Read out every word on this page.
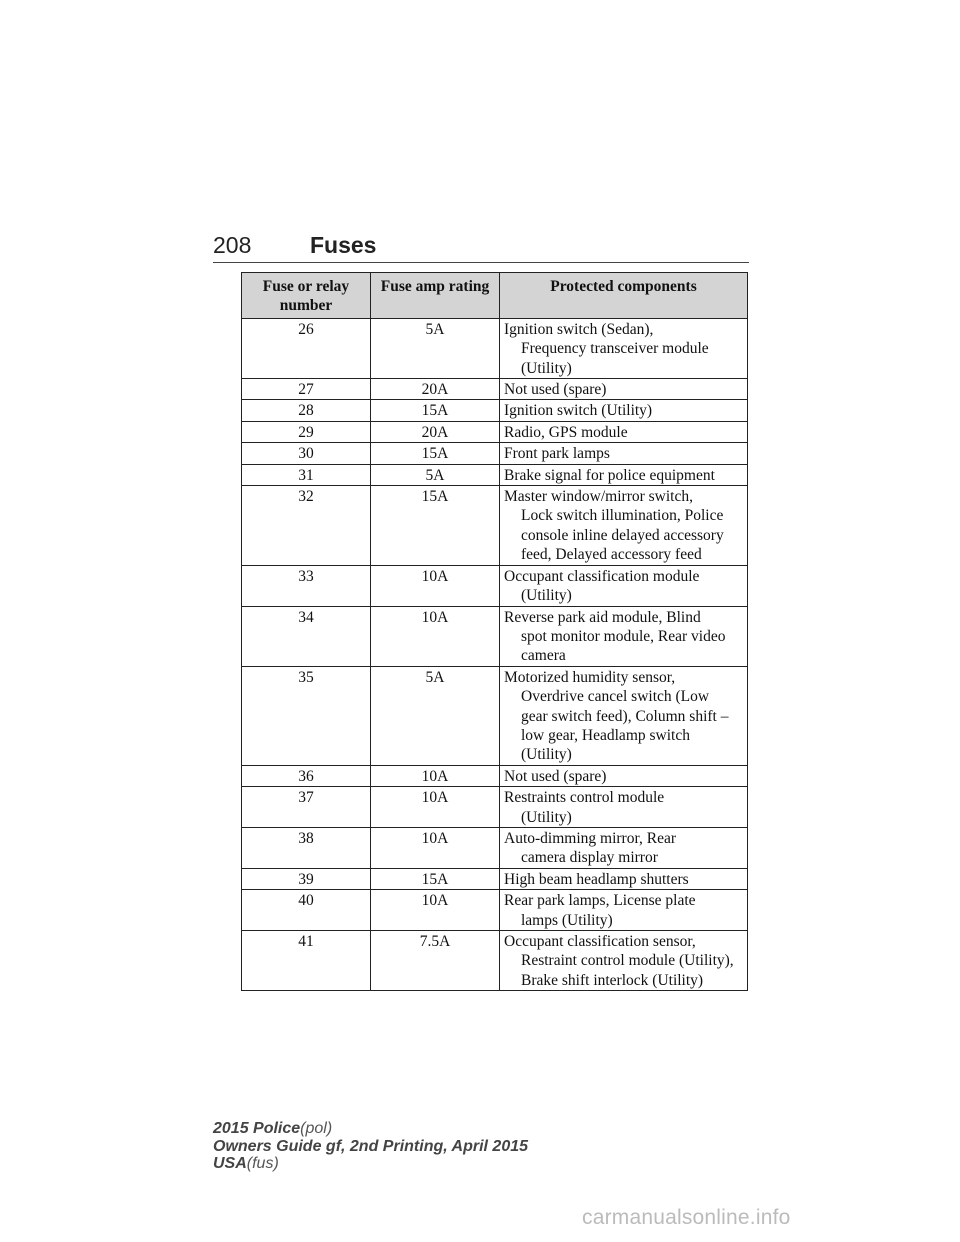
208	Fuses
Fuse or relay number	Fuse amp rating	Protected components
26	5A	Ignition switch (Sedan),
Frequency transceiver module
(Utility)

27	20A	Not used (spare)

28	15A	Ignition switch (Utility)

29	20A	Radio, GPS module

30	15A	Front park lamps

31	5A	Brake signal for police equipment

32	15A	Master window/mirror switch,
Lock switch illumination, Police
console inline delayed accessory
feed, Delayed accessory feed

33	10A	Occupant classification module
(Utility)

34	10A	Reverse park aid module, Blind
spot monitor module, Rear video
camera

35	5A	Motorized humidity sensor,
Overdrive cancel switch (Low
gear switch feed), Column shift –
low gear, Headlamp switch
(Utility)

36	10A	Not used (spare)

37	10A	Restraints control module
(Utility)

38	10A	Auto-dimming mirror, Rear
camera display mirror

39	15A	High beam headlamp shutters

40	10A	Rear park lamps, License plate
lamps (Utility)

41	7.5A	Occupant classification sensor,
Restraint control module (Utility),
Brake shift interlock (Utility)
2015 Police(pol)
Owners Guide gf, 2nd Printing, April 2015
USA(fus)
carmanualsonline.info
